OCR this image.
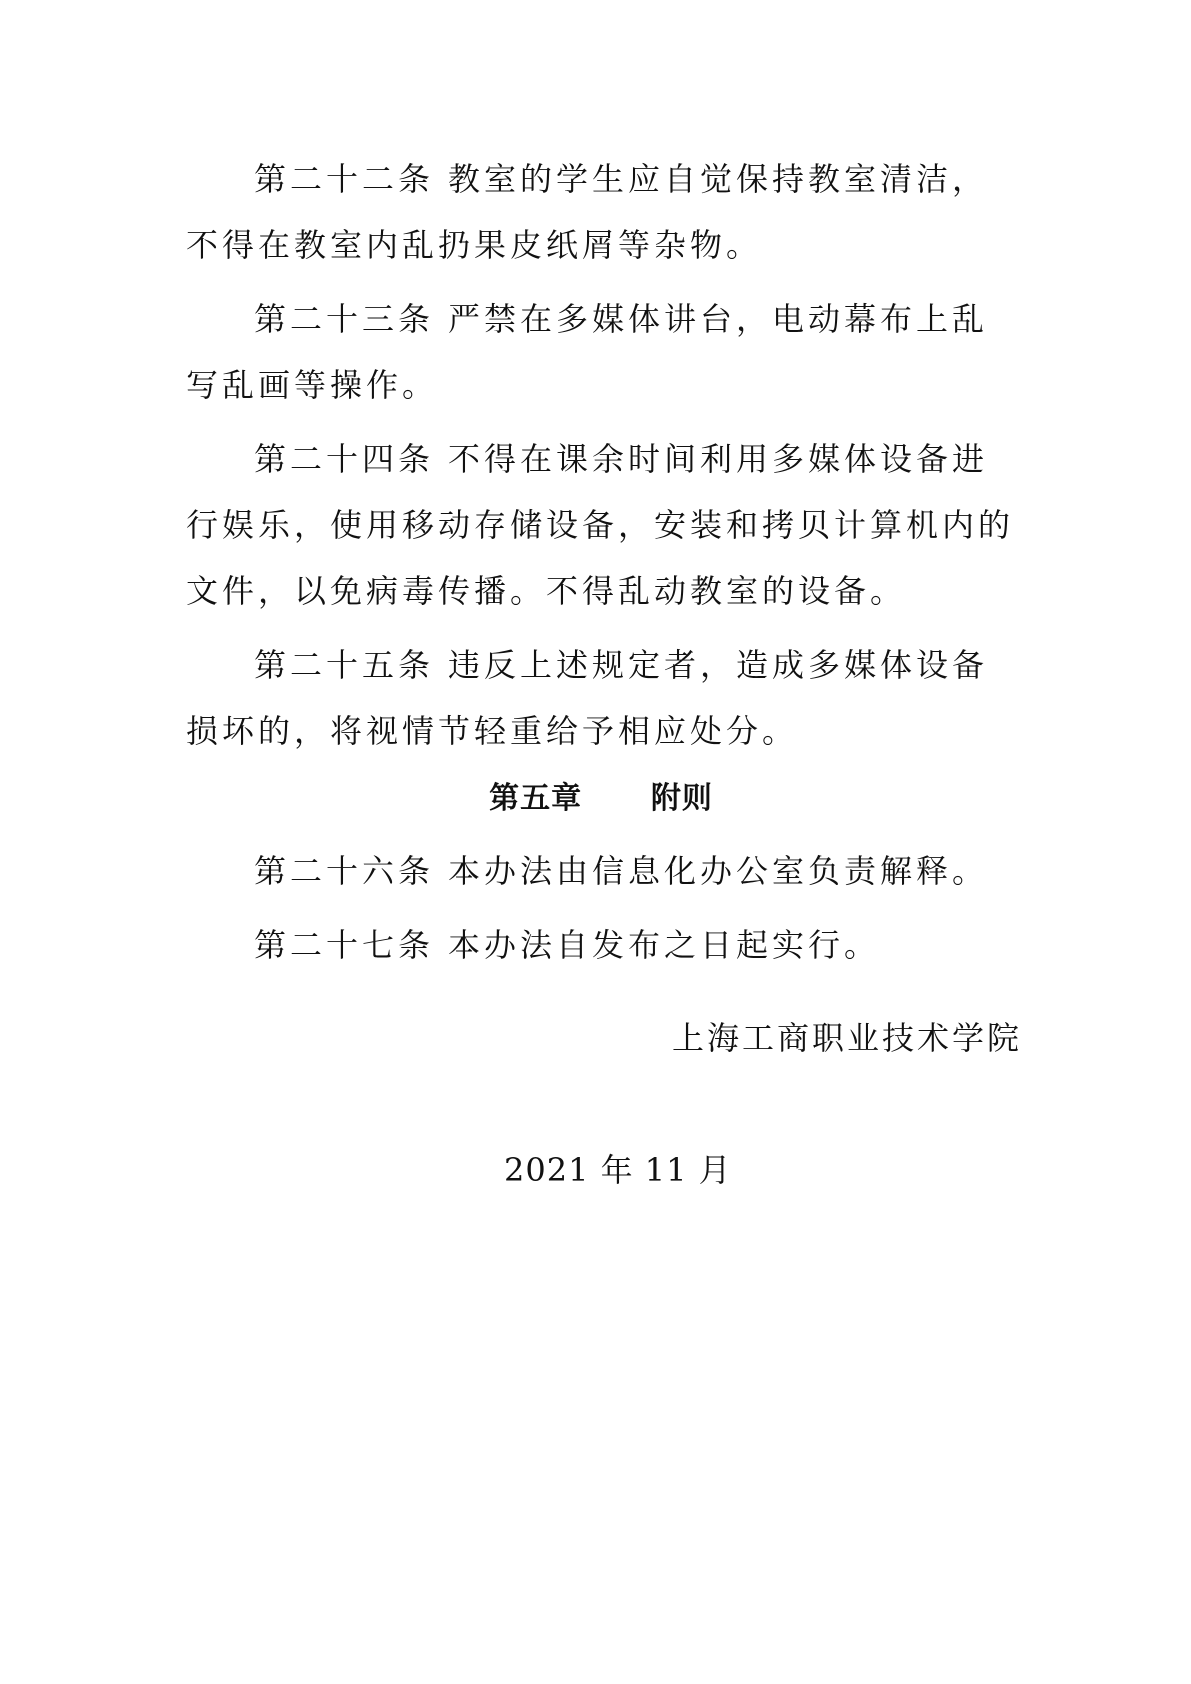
第二十二条 教室的学生应自觉保持教室清洁，不得在教室内乱扔果皮纸屑等杂物。

第二十三条 严禁在多媒体讲台，电动幕布上乱写乱画等操作。

第二十四条 不得在课余时间利用多媒体设备进行娱乐，使用移动存储设备，安装和拷贝计算机内的文件，以免病毒传播。不得乱动教室的设备。

第二十五条 违反上述规定者，造成多媒体设备损坏的，将视情节轻重给予相应处分。

第五章      附则

第二十六条 本办法由信息化办公室负责解释。

第二十七条 本办法自发布之日起实行。

上海工商职业技术学院
2021 年 11 月
